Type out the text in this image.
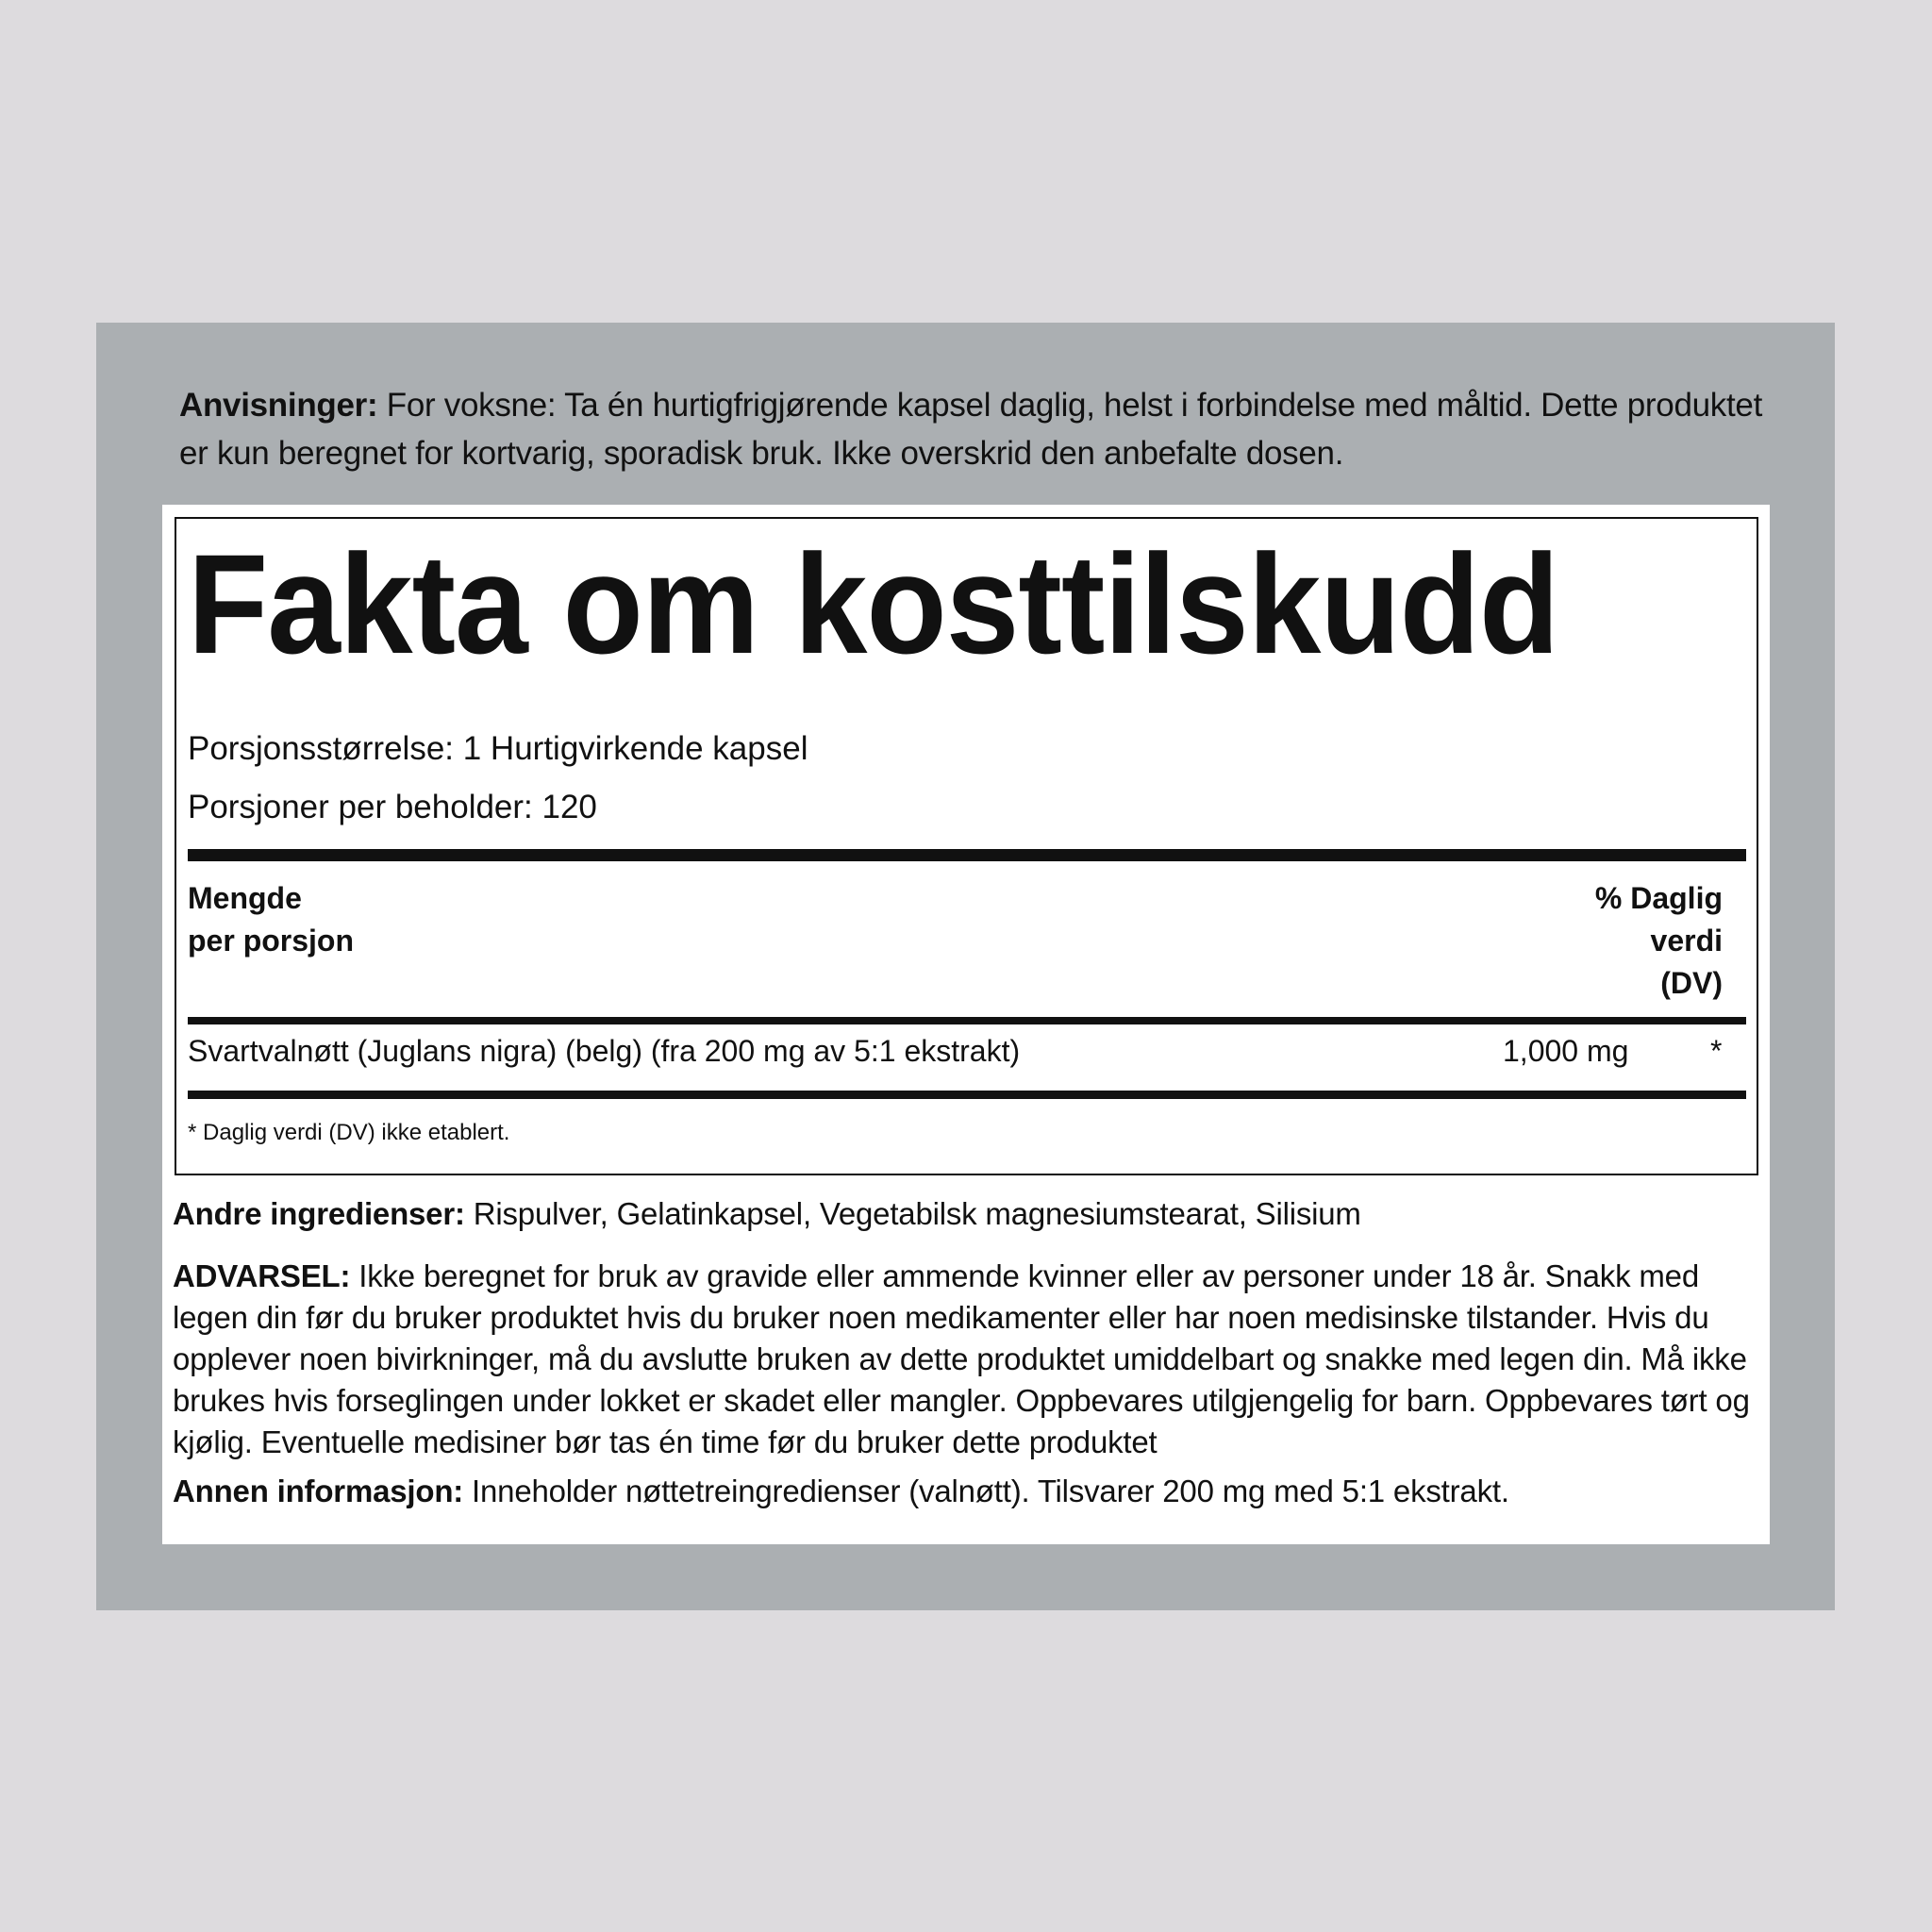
Anvisninger: For voksne: Ta én hurtigfrigjørende kapsel daglig, helst i forbindelse med måltid. Dette produktet er kun beregnet for kortvarig, sporadisk bruk. Ikke overskrid den anbefalte dosen.
Fakta om kosttilskudd
Porsjonsstørrelse: 1 Hurtigvirkende kapsel
Porsjoner per beholder: 120
Mengde
per porsjon
% Daglig
verdi
(DV)
Svartvalnøtt (Juglans nigra) (belg) (fra 200 mg av 5:1 ekstrakt)	1,000 mg	*
* Daglig verdi (DV) ikke etablert.
Andre ingredienser: Rispulver, Gelatinkapsel, Vegetabilsk magnesiumstearat, Silisium
ADVARSEL: Ikke beregnet for bruk av gravide eller ammende kvinner eller av personer under 18 år. Snakk med legen din før du bruker produktet hvis du bruker noen medikamenter eller har noen medisinske tilstander. Hvis du opplever noen bivirkninger, må du avslutte bruken av dette produktet umiddelbart og snakke med legen din. Må ikke brukes hvis forseglingen under lokket er skadet eller mangler. Oppbevares utilgjengelig for barn. Oppbevares tørt og kjølig. Eventuelle medisiner bør tas én time før du bruker dette produktet
Annen informasjon: Inneholder nøttetreingredienser (valnøtt). Tilsvarer 200 mg med 5:1 ekstrakt.
